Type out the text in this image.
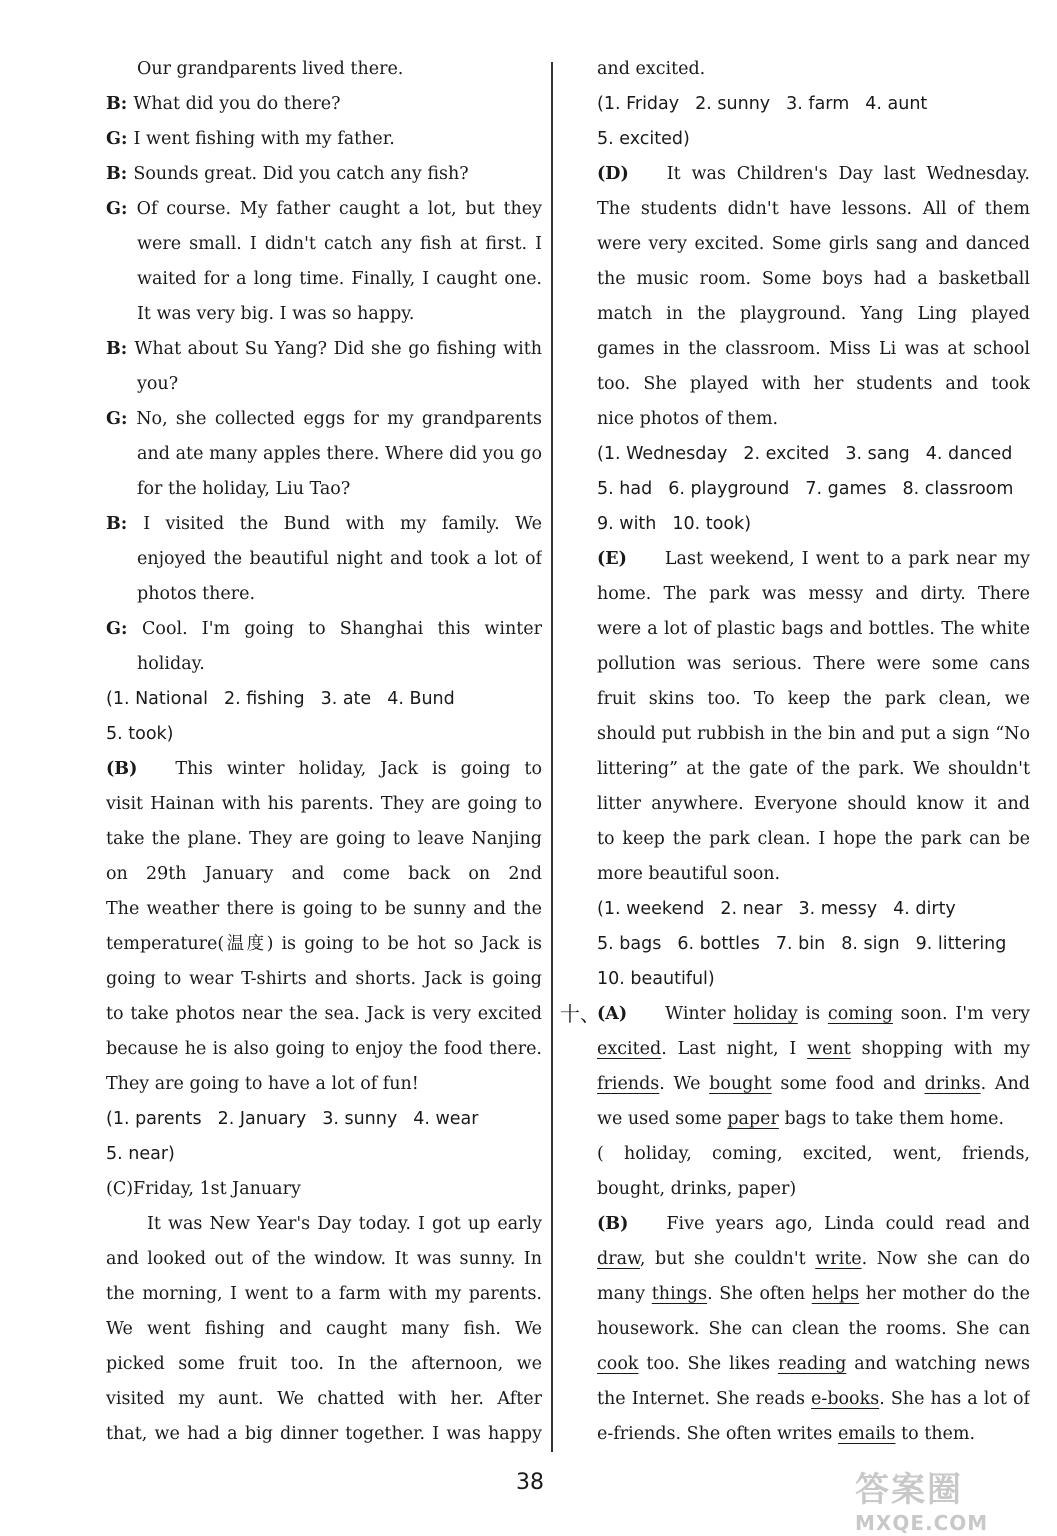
Our grandparents lived there.
B: What did you do there?
G: I went fishing with my father.
B: Sounds great. Did you catch any fish?
G: Of course. My father caught a lot, but they
were small. I didn't catch any fish at first. I
waited for a long time. Finally, I caught one.
It was very big. I was so happy.
B: What about Su Yang? Did she go fishing with
you?
G: No, she collected eggs for my grandparents
and ate many apples there. Where did you go
for the holiday, Liu Tao?
B: I visited the Bund with my family. We
enjoyed the beautiful night and took a lot of
photos there.
G: Cool. I'm going to Shanghai this winter
holiday.
(1. National 2. fishing 3. ate 4. Bund
5. took)
(B) This winter holiday, Jack is going to
visit Hainan with his parents. They are going to
take the plane. They are going to leave Nanjing
on 29th January and come back on 2nd
The weather there is going to be sunny and the
temperature(温度) is going to be hot so Jack is
going to wear T-shirts and shorts. Jack is going
to take photos near the sea. Jack is very excited
because he is also going to enjoy the food there.
They are going to have a lot of fun!
(1. parents 2. January 3. sunny 4. wear
5. near)
(C)Friday, 1st January
It was New Year's Day today. I got up early
and looked out of the window. It was sunny. In
the morning, I went to a farm with my parents.
We went fishing and caught many fish. We
picked some fruit too. In the afternoon, we
visited my aunt. We chatted with her. After
that, we had a big dinner together. I was happy
and excited.
(1. Friday 2. sunny 3. farm 4. aunt
5. excited)
(D) It was Children's Day last Wednesday.
The students didn't have lessons. All of them
were very excited. Some girls sang and danced
the music room. Some boys had a basketball
match in the playground. Yang Ling played
games in the classroom. Miss Li was at school
too. She played with her students and took
nice photos of them.
(1. Wednesday 2. excited 3. sang 4. danced
5. had 6. playground 7. games 8. classroom
9. with 10. took)
(E) Last weekend, I went to a park near my
home. The park was messy and dirty. There
were a lot of plastic bags and bottles. The white
pollution was serious. There were some cans
fruit skins too. To keep the park clean, we
should put rubbish in the bin and put a sign “No
littering” at the gate of the park. We shouldn't
litter anywhere. Everyone should know it and
to keep the park clean. I hope the park can be
more beautiful soon.
(1. weekend 2. near 3. messy 4. dirty
5. bags 6. bottles 7. bin 8. sign 9. littering
10. beautiful)
十、
(A) Winter holiday is coming soon. I'm very
excited. Last night, I went shopping with my
friends. We bought some food and drinks. And
we used some paper bags to take them home.
( holiday, coming, excited, went, friends,
bought, drinks, paper)
(B) Five years ago, Linda could read and
draw, but she couldn't write. Now she can do
many things. She often helps her mother do the
housework. She can clean the rooms. She can
cook too. She likes reading and watching news
the Internet. She reads e-books. She has a lot of
e-friends. She often writes emails to them.
38	答案圈
MXQE.COM
